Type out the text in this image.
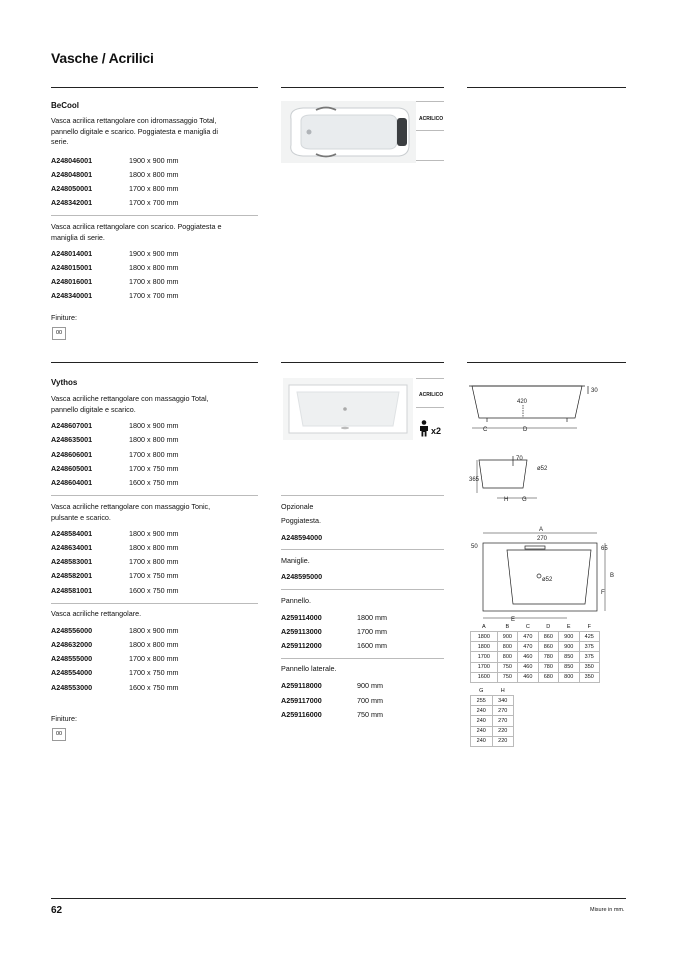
Vasche / Acrilici
BeCool
Vasca acrilica rettangolare con idromassaggio Total,
pannello digitale e scarico. Poggiatesta e maniglia di
serie.
A248046001	1900 x 900 mm
A248048001	1800 x 800 mm
A248050001	1700 x 800 mm
A248342001	1700 x 700 mm
Vasca acrilica rettangolare con scarico. Poggiatesta e
maniglia di serie.
A248014001	1900 x 900 mm
A248015001	1800 x 800 mm
A248016001	1700 x 800 mm
A248340001	1700 x 700 mm
Finiture:
00
ACRILICO
Vythos
Vasca acriliche rettangolare con massaggio Total,
pannello digitale e scarico.
A248607001	1800 x 900 mm
A248635001	1800 x 800 mm
A248606001	1700 x 800 mm
A248605001	1700 x 750 mm
A248604001	1600 x 750 mm
Vasca acriliche rettangolare con massaggio Tonic,
pulsante e scarico.
A248584001	1800 x 900 mm
A248634001	1800 x 800 mm
A248583001	1700 x 800 mm
A248582001	1700 x 750 mm
A248581001	1600 x 750 mm
Vasca acriliche rettangolare.
A248556000	1800 x 900 mm
A248632000	1800 x 800 mm
A248555000	1700 x 800 mm
A248554000	1700 x 750 mm
A248553000	1600 x 750 mm
Finiture:
00
ACRILICO
x2
Opzionale
Poggiatesta.
A248594000
Maniglie.
A248595000
Pannello.
A259114000	1800 mm
A259113000	1700 mm
A259112000	1600 mm
Pannello laterale.
A259118000	900 mm
A259117000	700 mm
A259116000	750 mm
30
420
C	D
70
ø52
365
H G
A
270
50	65
ø52
B
F
E
A	B	C	D	E	F
1800	900	470	860	900	425
1800	800	470	860	900	375
1700	800	460	780	850	375
1700	750	460	780	850	350
1600	750	460	680	800	350
G	H
255	340
240	270
240	270
240	220
240	220
62	Misure in mm.
